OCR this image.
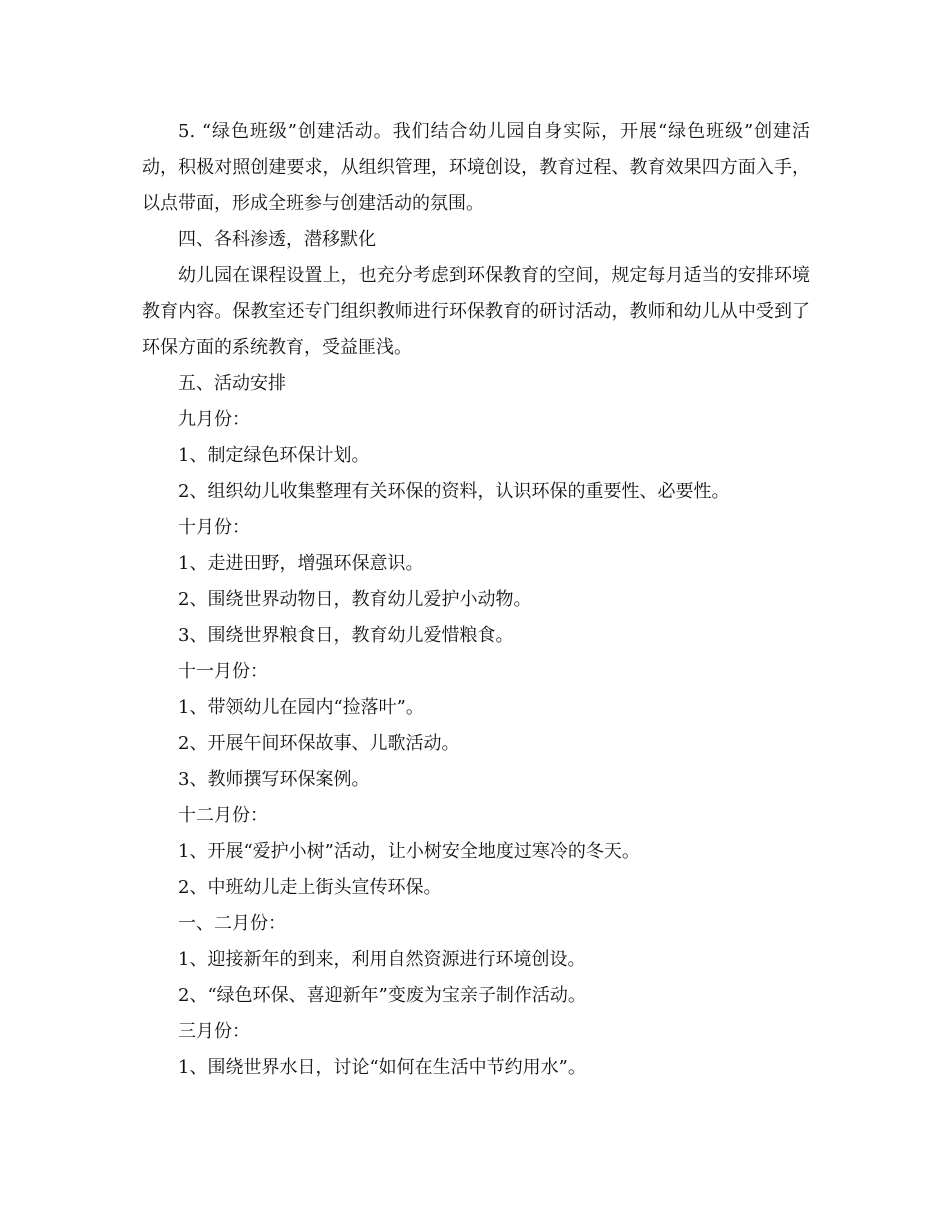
5. “绿色班级”创建活动。我们结合幼儿园自身实际，开展“绿色班级”创建活动，积极对照创建要求，从组织管理，环境创设，教育过程、教育效果四方面入手，以点带面，形成全班参与创建活动的氛围。

四、各科渗透，潜移默化

幼儿园在课程设置上，也充分考虑到环保教育的空间，规定每月适当的安排环境教育内容。保教室还专门组织教师进行环保教育的研讨活动，教师和幼儿从中受到了环保方面的系统教育，受益匪浅。

五、活动安排

九月份：

1、制定绿色环保计划。

2、组织幼儿收集整理有关环保的资料，认识环保的重要性、必要性。

十月份：

1、走进田野，增强环保意识。

2、围绕世界动物日，教育幼儿爱护小动物。

3、围绕世界粮食日，教育幼儿爱惜粮食。

十一月份：

1、带领幼儿在园内“捡落叶”。

2、开展午间环保故事、儿歌活动。

3、教师撰写环保案例。

十二月份：

1、开展“爱护小树”活动，让小树安全地度过寒冷的冬天。

2、中班幼儿走上街头宣传环保。

一、二月份：

1、迎接新年的到来，利用自然资源进行环境创设。

2、“绿色环保、喜迎新年”变废为宝亲子制作活动。

三月份：

1、围绕世界水日，讨论“如何在生活中节约用水”。
